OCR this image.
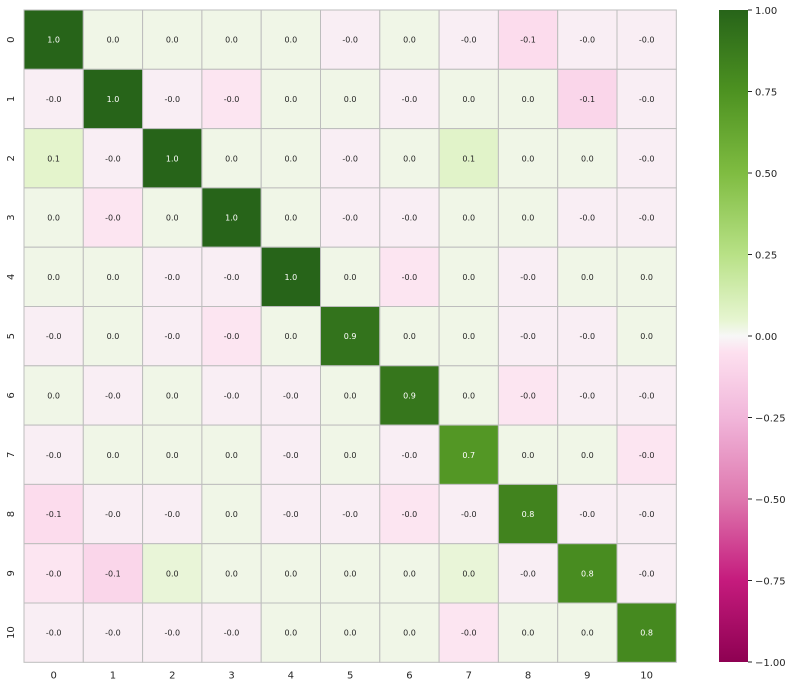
1.0	0.0	0.0	0.0	0.0	-0.0	0.0	-0.0	-0.1	-0.0	-0.0
-0.0	1.0	-0.0	-0.0	0.0	0.0	-0.0	0.0	0.0	-0.1	-0.0
0.1	-0.0	1.0	0.0	0.0	-0.0	0.0	0.1	0.0	0.0	-0.0
0.0	-0.0	0.0	1.0	0.0	-0.0	-0.0	0.0	0.0	-0.0	-0.0
0.0	0.0	-0.0	-0.0	1.0	0.0	-0.0	0.0	-0.0	0.0	0.0
-0.0	0.0	-0.0	-0.0	0.0	0.9	0.0	0.0	-0.0	-0.0	0.0
0.0	-0.0	0.0	-0.0	-0.0	0.0	0.9	0.0	-0.0	-0.0	-0.0
-0.0	0.0	0.0	0.0	-0.0	0.0	-0.0	0.7	0.0	0.0	-0.0
-0.1	-0.0	-0.0	0.0	-0.0	-0.0	-0.0	-0.0	0.8	-0.0	-0.0
-0.0	-0.1	0.0	0.0	0.0	0.0	0.0	0.0	-0.0	0.8	-0.0
-0.0	-0.0	-0.0	-0.0	0.0	0.0	0.0	-0.0	0.0	0.0	0.8
0	1	2	3	4	5	6	7	8	9	10
0
1
2
3
4
5
6
7
8
9
10
1.00
0.75
0.50
0.25
0.00
−0.25
−0.50
−0.75
−1.00
